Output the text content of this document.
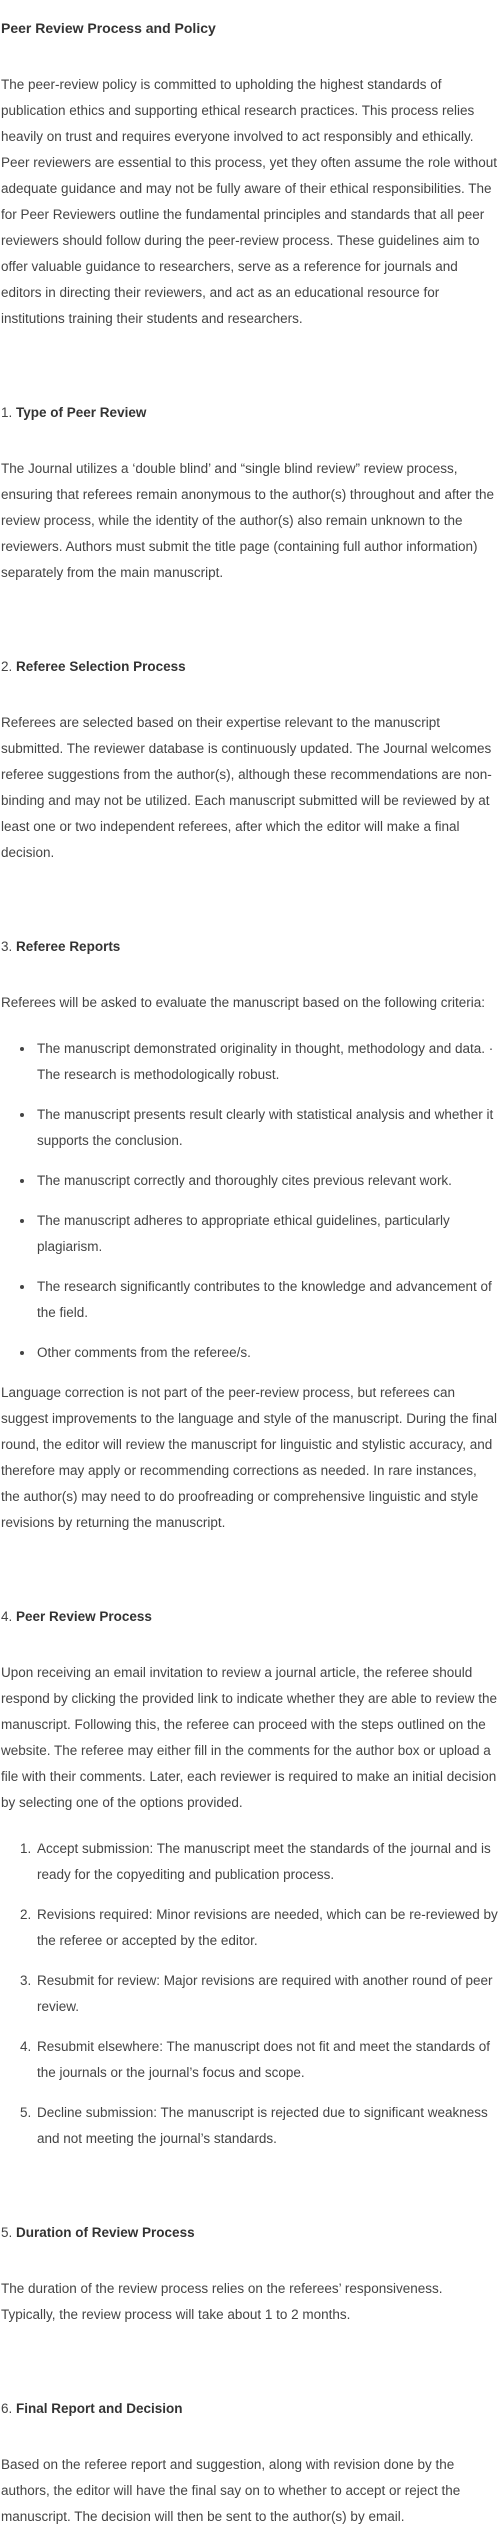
Peer Review Process and Policy

The peer-review policy is committed to upholding the highest standards of publication ethics and supporting ethical research practices. This process relies heavily on trust and requires everyone involved to act responsibly and ethically. Peer reviewers are essential to this process, yet they often assume the role without adequate guidance and may not be fully aware of their ethical responsibilities. The for Peer Reviewers outline the fundamental principles and standards that all peer reviewers should follow during the peer-review process. These guidelines aim to offer valuable guidance to researchers, serve as a reference for journals and editors in directing their reviewers, and act as an educational resource for institutions training their students and researchers.

1. Type of Peer Review

The Journal utilizes a ‘double blind’ and “single blind review” review process, ensuring that referees remain anonymous to the author(s) throughout and after the review process, while the identity of the author(s) also remain unknown to the reviewers. Authors must submit the title page (containing full author information) separately from the main manuscript.

2. Referee Selection Process

Referees are selected based on their expertise relevant to the manuscript submitted. The reviewer database is continuously updated. The Journal welcomes referee suggestions from the author(s), although these recommendations are non-binding and may not be utilized. Each manuscript submitted will be reviewed by at least one or two independent referees, after which the editor will make a final decision.

3. Referee Reports

Referees will be asked to evaluate the manuscript based on the following criteria:

• The manuscript demonstrated originality in thought, methodology and data. · The research is methodologically robust.
• The manuscript presents result clearly with statistical analysis and whether it supports the conclusion.
• The manuscript correctly and thoroughly cites previous relevant work.
• The manuscript adheres to appropriate ethical guidelines, particularly plagiarism.
• The research significantly contributes to the knowledge and advancement of the field.
• Other comments from the referee/s.

Language correction is not part of the peer-review process, but referees can suggest improvements to the language and style of the manuscript. During the final round, the editor will review the manuscript for linguistic and stylistic accuracy, and therefore may apply or recommending corrections as needed. In rare instances, the author(s) may need to do proofreading or comprehensive linguistic and style revisions by returning the manuscript.

4. Peer Review Process

Upon receiving an email invitation to review a journal article, the referee should respond by clicking the provided link to indicate whether they are able to review the manuscript. Following this, the referee can proceed with the steps outlined on the website. The referee may either fill in the comments for the author box or upload a file with their comments. Later, each reviewer is required to make an initial decision by selecting one of the options provided.

1. Accept submission: The manuscript meet the standards of the journal and is ready for the copyediting and publication process.
2. Revisions required: Minor revisions are needed, which can be re-reviewed by the referee or accepted by the editor.
3. Resubmit for review: Major revisions are required with another round of peer review.
4. Resubmit elsewhere: The manuscript does not fit and meet the standards of the journals or the journal’s focus and scope.
5. Decline submission: The manuscript is rejected due to significant weakness and not meeting the journal’s standards.
5. Duration of Review Process

The duration of the review process relies on the referees’ responsiveness. Typically, the review process will take about 1 to 2 months.

6. Final Report and Decision

Based on the referee report and suggestion, along with revision done by the authors, the editor will have the final say on to whether to accept or reject the manuscript. The decision will then be sent to the author(s) by email.
